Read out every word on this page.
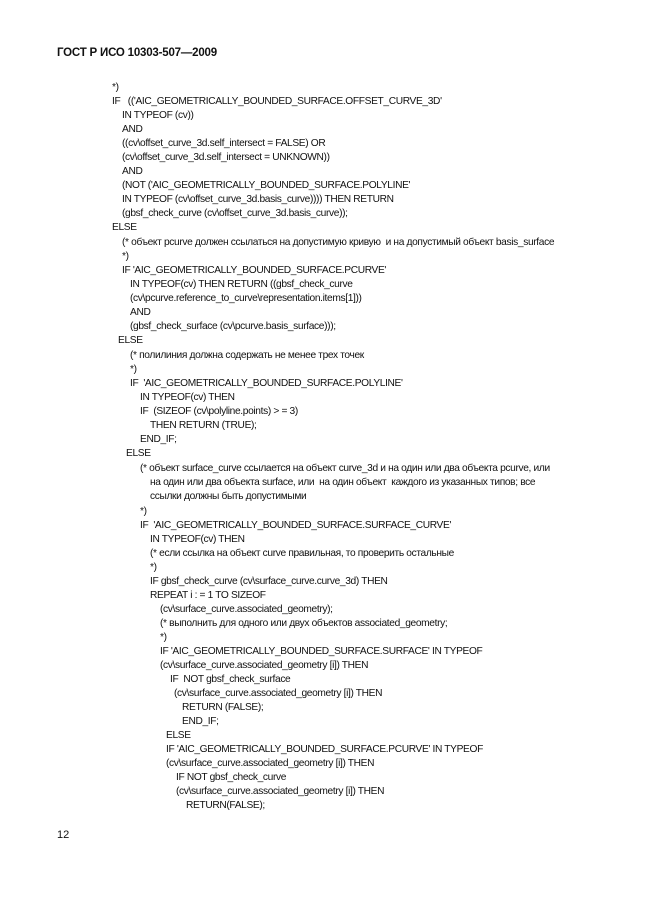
ГОСТ Р ИСО 10303-507—2009
*)
IF   (('AIC_GEOMETRICALLY_BOUNDED_SURFACE.OFFSET_CURVE_3D'
IN TYPEOF (cv))
AND
((cv\offset_curve_3d.self_intersect = FALSE) OR
(cv\offset_curve_3d.self_intersect = UNKNOWN))
AND
(NOT ('AIC_GEOMETRICALLY_BOUNDED_SURFACE.POLYLINE'
IN TYPEOF (cv\offset_curve_3d.basis_curve)))) THEN RETURN
(gbsf_check_curve (cv\offset_curve_3d.basis_curve));
ELSE
(* объект pcurve должен ссылаться на допустимую кривую  и на допустимый объект basis_surface
*)
IF 'AIC_GEOMETRICALLY_BOUNDED_SURFACE.PCURVE'
IN TYPEOF(cv) THEN RETURN ((gbsf_check_curve
(cv\pcurve.reference_to_curve\representation.items[1]))
AND
(gbsf_check_surface (cv\pcurve.basis_surface)));
ELSE
(* полилиния должна содержать не менее трех точек
*)
IF  'AIC_GEOMETRICALLY_BOUNDED_SURFACE.POLYLINE'
IN TYPEOF(cv) THEN
IF  (SIZEOF (cv\polyline.points) > = 3)
THEN RETURN (TRUE);
END_IF;
ELSE
(* объект surface_curve ссылается на объект curve_3d и на один или два объекта pcurve, или
на один или два объекта surface, или  на один объект  каждого из указанных типов; все
ссылки должны быть допустимыми
*)
IF  'AIC_GEOMETRICALLY_BOUNDED_SURFACE.SURFACE_CURVE'
IN TYPEOF(cv) THEN
(* если ссылка на объект curve правильная, то проверить остальные
*)
IF gbsf_check_curve (cv\surface_curve.curve_3d) THEN
REPEAT i : = 1 TO SIZEOF
(cv\surface_curve.associated_geometry);
(* выполнить для одного или двух объектов associated_geometry;
*)
IF 'AIC_GEOMETRICALLY_BOUNDED_SURFACE.SURFACE' IN TYPEOF
(cv\surface_curve.associated_geometry [i]) THEN
IF  NOT gbsf_check_surface
(cv\surface_curve.associated_geometry [i]) THEN
RETURN (FALSE);
END_IF;
ELSE
IF 'AIC_GEOMETRICALLY_BOUNDED_SURFACE.PCURVE' IN TYPEOF
(cv\surface_curve.associated_geometry [i]) THEN
IF NOT gbsf_check_curve
(cv\surface_curve.associated_geometry [i]) THEN
RETURN(FALSE);
12
